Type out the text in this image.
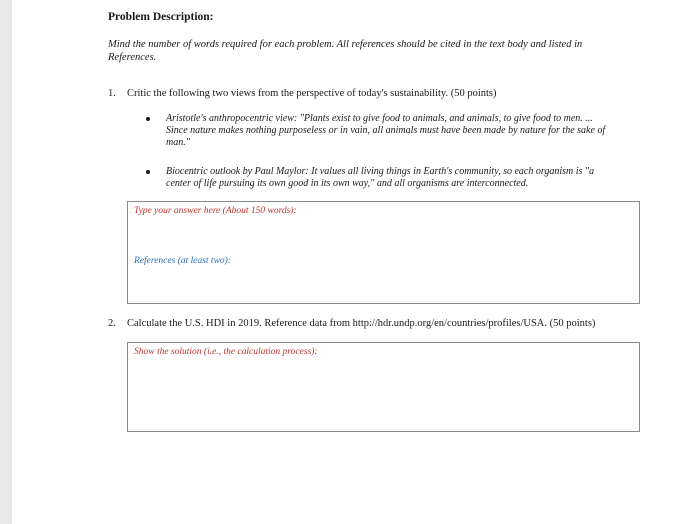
Problem Description:
Mind the number of words required for each problem. All references should be cited in the text body and listed in References.
1. Critic the following two views from the perspective of today's sustainability. (50 points)
Aristotle's anthropocentric view: "Plants exist to give food to animals, and animals, to give food to men. ... Since nature makes nothing purposeless or in vain, all animals must have been made by nature for the sake of man."
Biocentric outlook by Paul Maylor: It values all living things in Earth's community, so each organism is "a center of life pursuing its own good in its own way," and all organisms are interconnected.
Type your answer here (About 150 words):
References (at least two):
2. Calculate the U.S. HDI in 2019. Reference data from http://hdr.undp.org/en/countries/profiles/USA. (50 points)
Show the solution (i.e., the calculation process):
